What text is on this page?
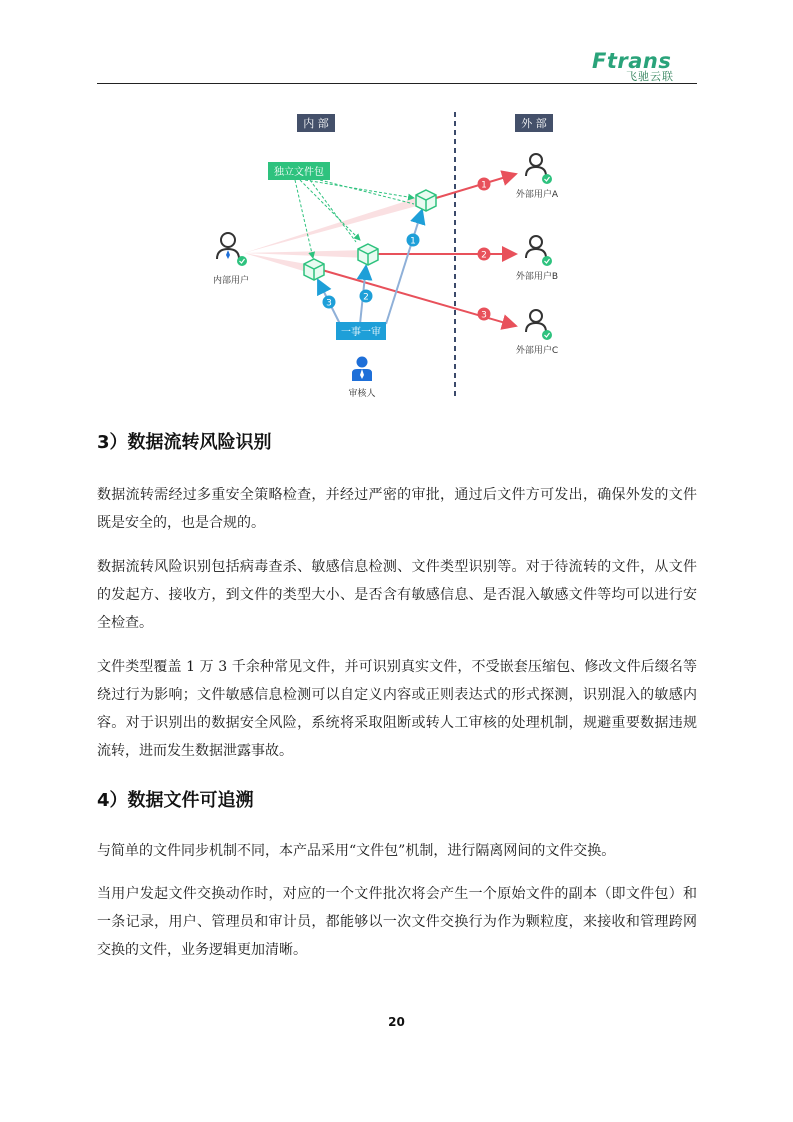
Ftrans
飞驰云联
内 部	外 部
独立文件包
1
2
3
1
2
3
一事一审
内部用户
审核人
外部用户A
外部用户B
外部用户C
3）数据流转风险识别

数据流转需经过多重安全策略检查，并经过严密的审批，通过后文件方可发出，确保外发的文件既是安全的，也是合规的。

数据流转风险识别包括病毒查杀、敏感信息检测、文件类型识别等。对于待流转的文件，从文件的发起方、接收方，到文件的类型大小、是否含有敏感信息、是否混入敏感文件等均可以进行安全检查。

文件类型覆盖 1 万 3 千余种常见文件，并可识别真实文件，不受嵌套压缩包、修改文件后缀名等绕过行为影响；文件敏感信息检测可以自定义内容或正则表达式的形式探测，识别混入的敏感内容。对于识别出的数据安全风险，系统将采取阻断或转人工审核的处理机制，规避重要数据违规流转，进而发生数据泄露事故。

4）数据文件可追溯

与简单的文件同步机制不同，本产品采用“文件包”机制，进行隔离网间的文件交换。

当用户发起文件交换动作时，对应的一个文件批次将会产生一个原始文件的副本（即文件包）和一条记录，用户、管理员和审计员，都能够以一次文件交换行为作为颗粒度，来接收和管理跨网交换的文件，业务逻辑更加清晰。

20
